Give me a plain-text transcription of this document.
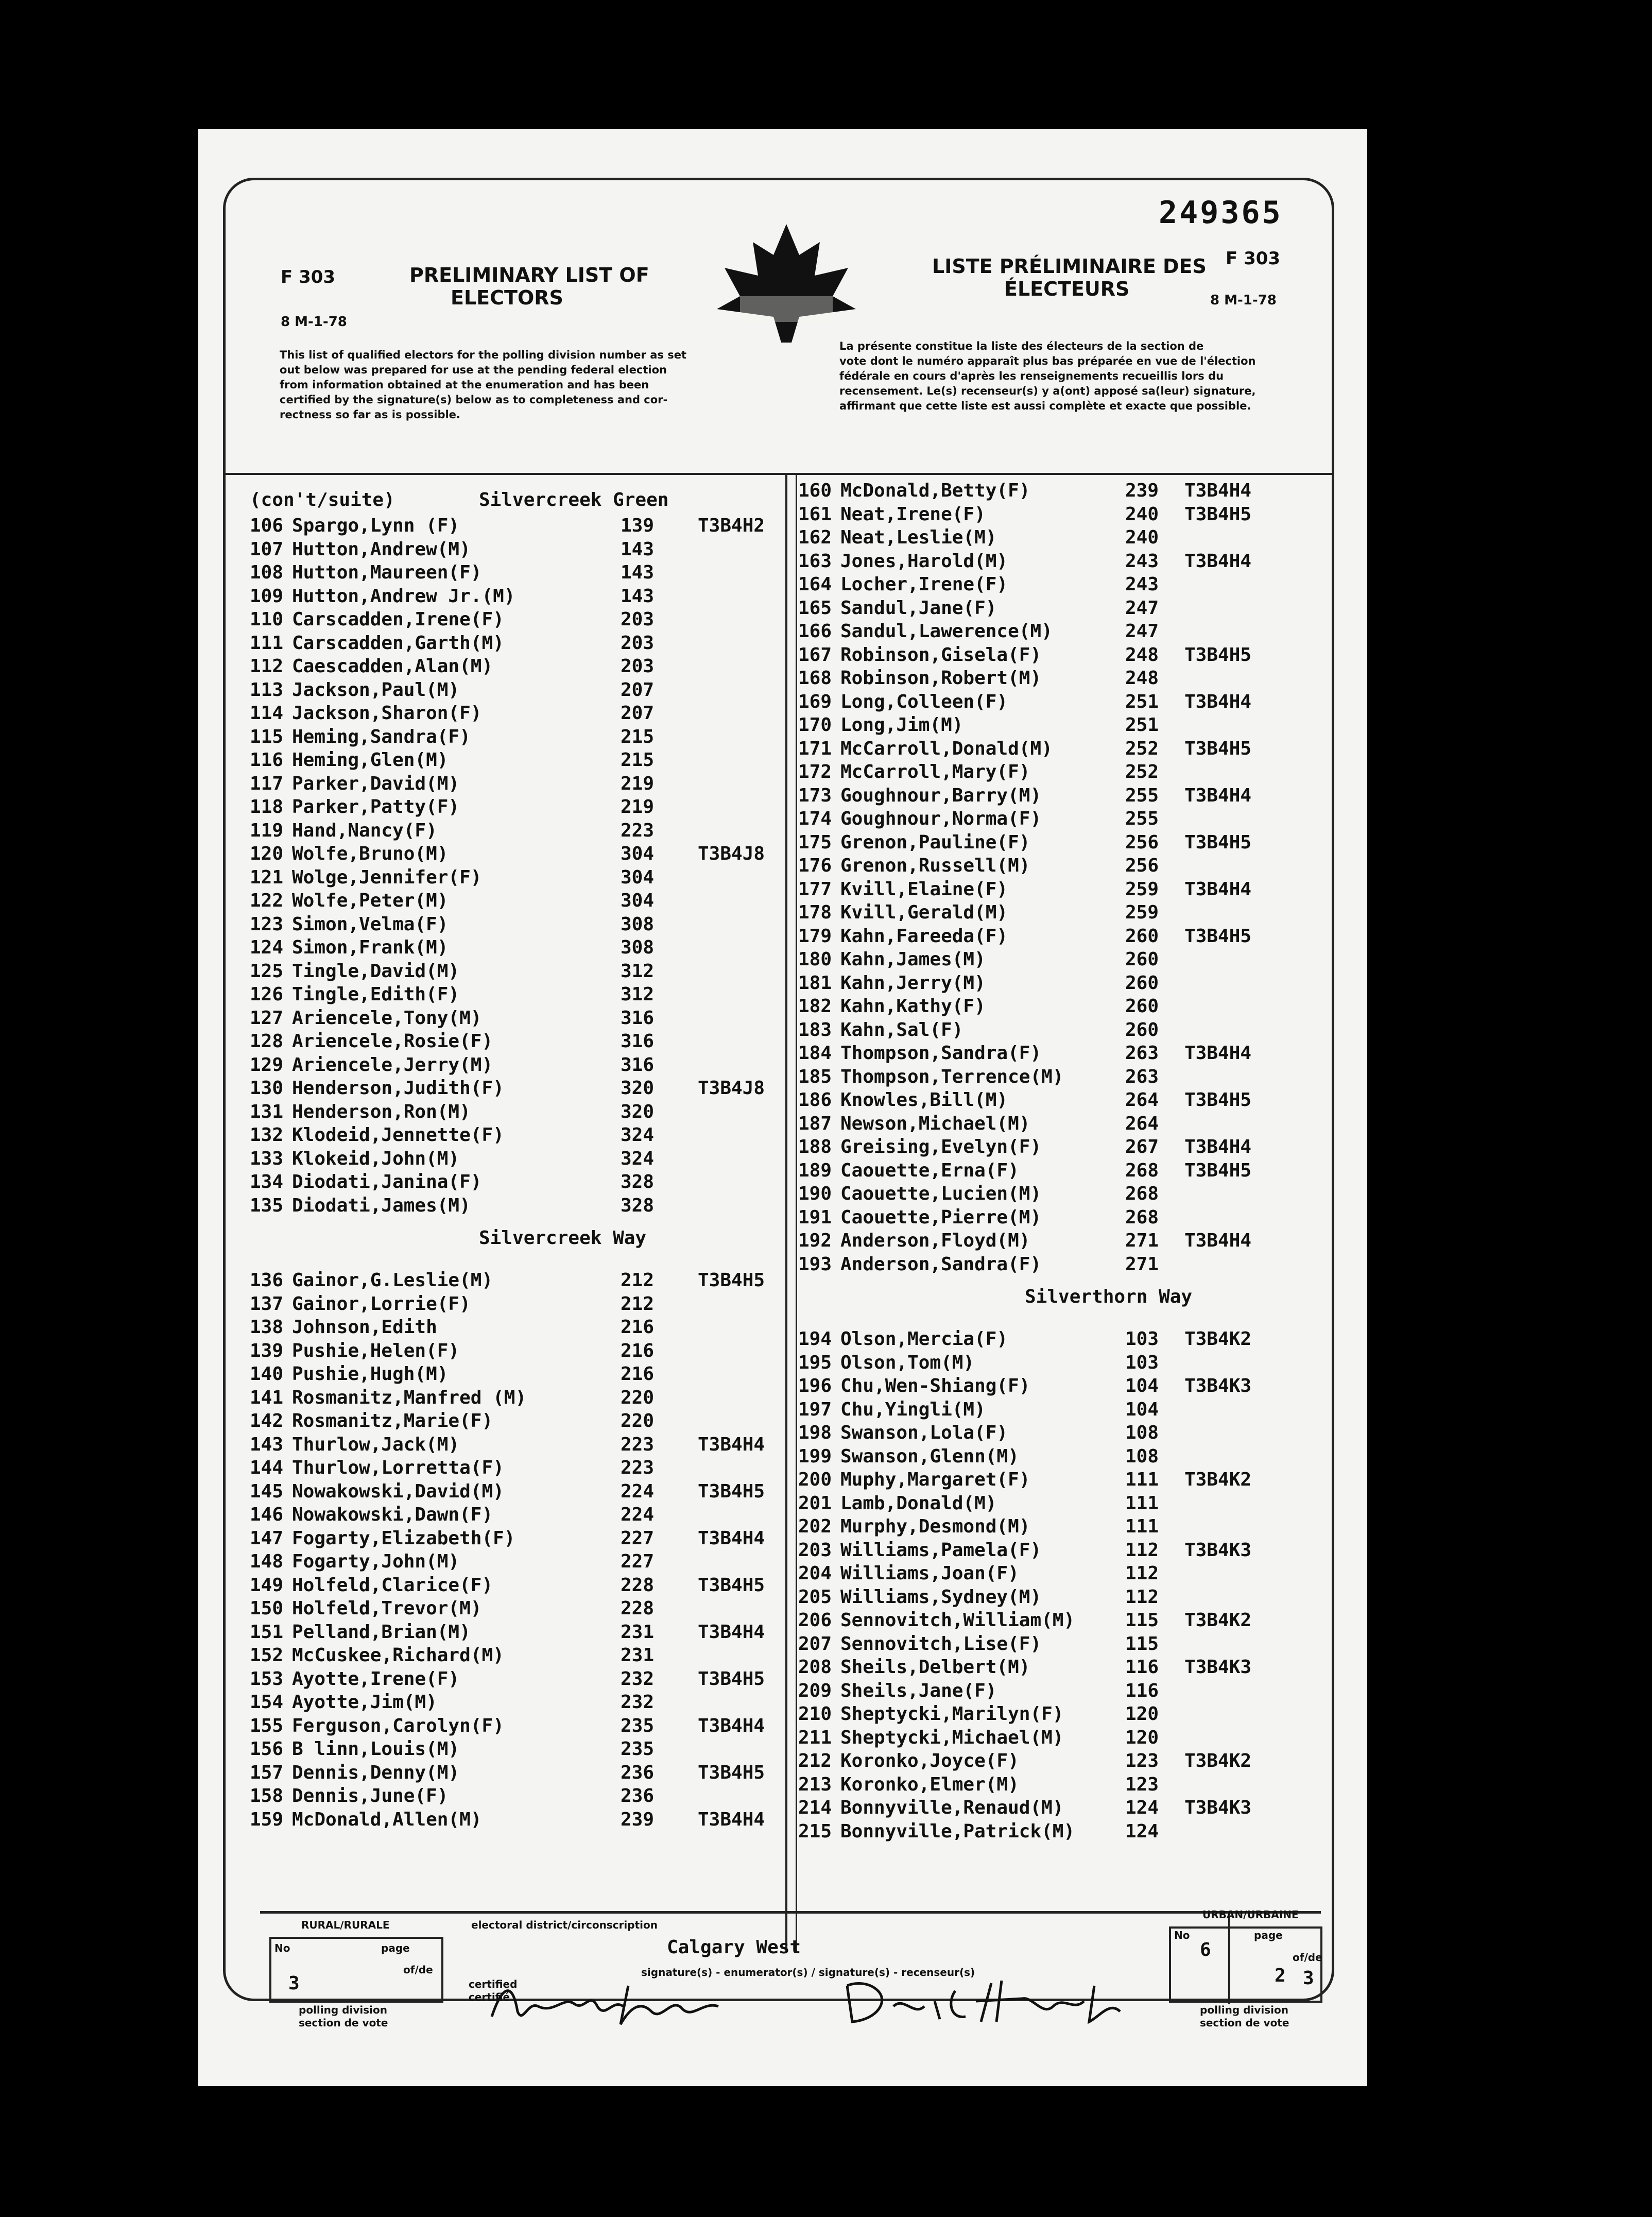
249365
F 303
8 M-1-78
PRELIMINARY LIST OF
ELECTORS
LISTE PRÉLIMINAIRE DES
ÉLECTEURS
F 303
8 M-1-78
This list of qualified electors for the polling division number as set
out below was prepared for use at the pending federal election
from information obtained at the enumeration and has been
certified by the signature(s) below as to completeness and cor-
rectness so far as is possible.
La présente constitue la liste des électeurs de la section de
vote dont le numéro apparaît plus bas préparée en vue de l'élection
fédérale en cours d'après les renseignements recueillis lors du
recensement. Le(s) recenseur(s) y a(ont) apposé sa(leur) signature,
affirmant que cette liste est aussi complète et exacte que possible.
(con't/suite)	Silvercreek Green
106 Spargo,Lynn (F)	139 T3B4H2
107 Hutton,Andrew(M)	143
108 Hutton,Maureen(F)	143
109 Hutton,Andrew Jr.(M)	143
110 Carscadden,Irene(F)	203
111 Carscadden,Garth(M)	203
112 Caescadden,Alan(M)	203
113 Jackson,Paul(M)	207
114 Jackson,Sharon(F)	207
115 Heming,Sandra(F)	215
116 Heming,Glen(M)	215
117 Parker,David(M)	219
118 Parker,Patty(F)	219
119 Hand,Nancy(F)	223
120 Wolfe,Bruno(M)	304 T3B4J8
121 Wolge,Jennifer(F)	304
122 Wolfe,Peter(M)	304
123 Simon,Velma(F)	308
124 Simon,Frank(M)	308
125 Tingle,David(M)	312
126 Tingle,Edith(F)	312
127 Ariencele,Tony(M)	316
128 Ariencele,Rosie(F)	316
129 Ariencele,Jerry(M)	316
130 Henderson,Judith(F)	320 T3B4J8
131 Henderson,Ron(M)	320
132 Klodeid,Jennette(F)	324
133 Klokeid,John(M)	324
134 Diodati,Janina(F)	328
135 Diodati,James(M)	328
Silvercreek Way
136 Gainor,G.Leslie(M)	212 T3B4H5
137 Gainor,Lorrie(F)	212
138 Johnson,Edith	216
139 Pushie,Helen(F)	216
140 Pushie,Hugh(M)	216
141 Rosmanitz,Manfred (M)	220
142 Rosmanitz,Marie(F)	220
143 Thurlow,Jack(M)	223 T3B4H4
144 Thurlow,Lorretta(F)	223
145 Nowakowski,David(M)	224 T3B4H5
146 Nowakowski,Dawn(F)	224
147 Fogarty,Elizabeth(F)	227 T3B4H4
148 Fogarty,John(M)	227
149 Holfeld,Clarice(F)	228 T3B4H5
150 Holfeld,Trevor(M)	228
151 Pelland,Brian(M)	231 T3B4H4
152 McCuskee,Richard(M)	231
153 Ayotte,Irene(F)	232 T3B4H5
154 Ayotte,Jim(M)	232
155 Ferguson,Carolyn(F)	235 T3B4H4
156 B linn,Louis(M)	235
157 Dennis,Denny(M)	236 T3B4H5
158 Dennis,June(F)	236
159 McDonald,Allen(M)	239 T3B4H4
160 McDonald,Betty(F)	239 T3B4H4
161 Neat,Irene(F)	240 T3B4H5
162 Neat,Leslie(M)	240
163 Jones,Harold(M)	243 T3B4H4
164 Locher,Irene(F)	243
165 Sandul,Jane(F)	247
166 Sandul,Lawerence(M)	247
167 Robinson,Gisela(F)	248 T3B4H5
168 Robinson,Robert(M)	248
169 Long,Colleen(F)	251 T3B4H4
170 Long,Jim(M)	251
171 McCarroll,Donald(M)	252 T3B4H5
172 McCarroll,Mary(F)	252
173 Goughnour,Barry(M)	255 T3B4H4
174 Goughnour,Norma(F)	255
175 Grenon,Pauline(F)	256 T3B4H5
176 Grenon,Russell(M)	256
177 Kvill,Elaine(F)	259 T3B4H4
178 Kvill,Gerald(M)	259
179 Kahn,Fareeda(F)	260 T3B4H5
180 Kahn,James(M)	260
181 Kahn,Jerry(M)	260
182 Kahn,Kathy(F)	260
183 Kahn,Sal(F)	260
184 Thompson,Sandra(F)	263 T3B4H4
185 Thompson,Terrence(M)	263
186 Knowles,Bill(M)	264 T3B4H5
187 Newson,Michael(M)	264
188 Greising,Evelyn(F)	267 T3B4H4
189 Caouette,Erna(F)	268 T3B4H5
190 Caouette,Lucien(M)	268
191 Caouette,Pierre(M)	268
192 Anderson,Floyd(M)	271 T3B4H4
193 Anderson,Sandra(F)	271
Silverthorn Way
194 Olson,Mercia(F)	103 T3B4K2
195 Olson,Tom(M)	103
196 Chu,Wen-Shiang(F)	104 T3B4K3
197 Chu,Yingli(M)	104
198 Swanson,Lola(F)	108
199 Swanson,Glenn(M)	108
200 Muphy,Margaret(F)	111 T3B4K2
201 Lamb,Donald(M)	111
202 Murphy,Desmond(M)	111
203 Williams,Pamela(F)	112 T3B4K3
204 Williams,Joan(F)	112
205 Williams,Sydney(M)	112
206 Sennovitch,William(M)	115 T3B4K2
207 Sennovitch,Lise(F)	115
208 Sheils,Delbert(M)	116 T3B4K3
209 Sheils,Jane(F)	116
210 Sheptycki,Marilyn(F)	120
211 Sheptycki,Michael(M)	120
212 Koronko,Joyce(F)	123 T3B4K2
213 Koronko,Elmer(M)	123
214 Bonnyville,Renaud(M)	124 T3B4K3
215 Bonnyville,Patrick(M)	124
RURAL/RURALE
No	page
of/de
3
polling division
section de vote
electoral district/circonscription
Calgary West
signature(s) - enumerator(s) / signature(s) - recenseur(s)
certified
certifié
URBAN/URBAINE
No	page
of/de
6
2 3
polling division
section de vote
